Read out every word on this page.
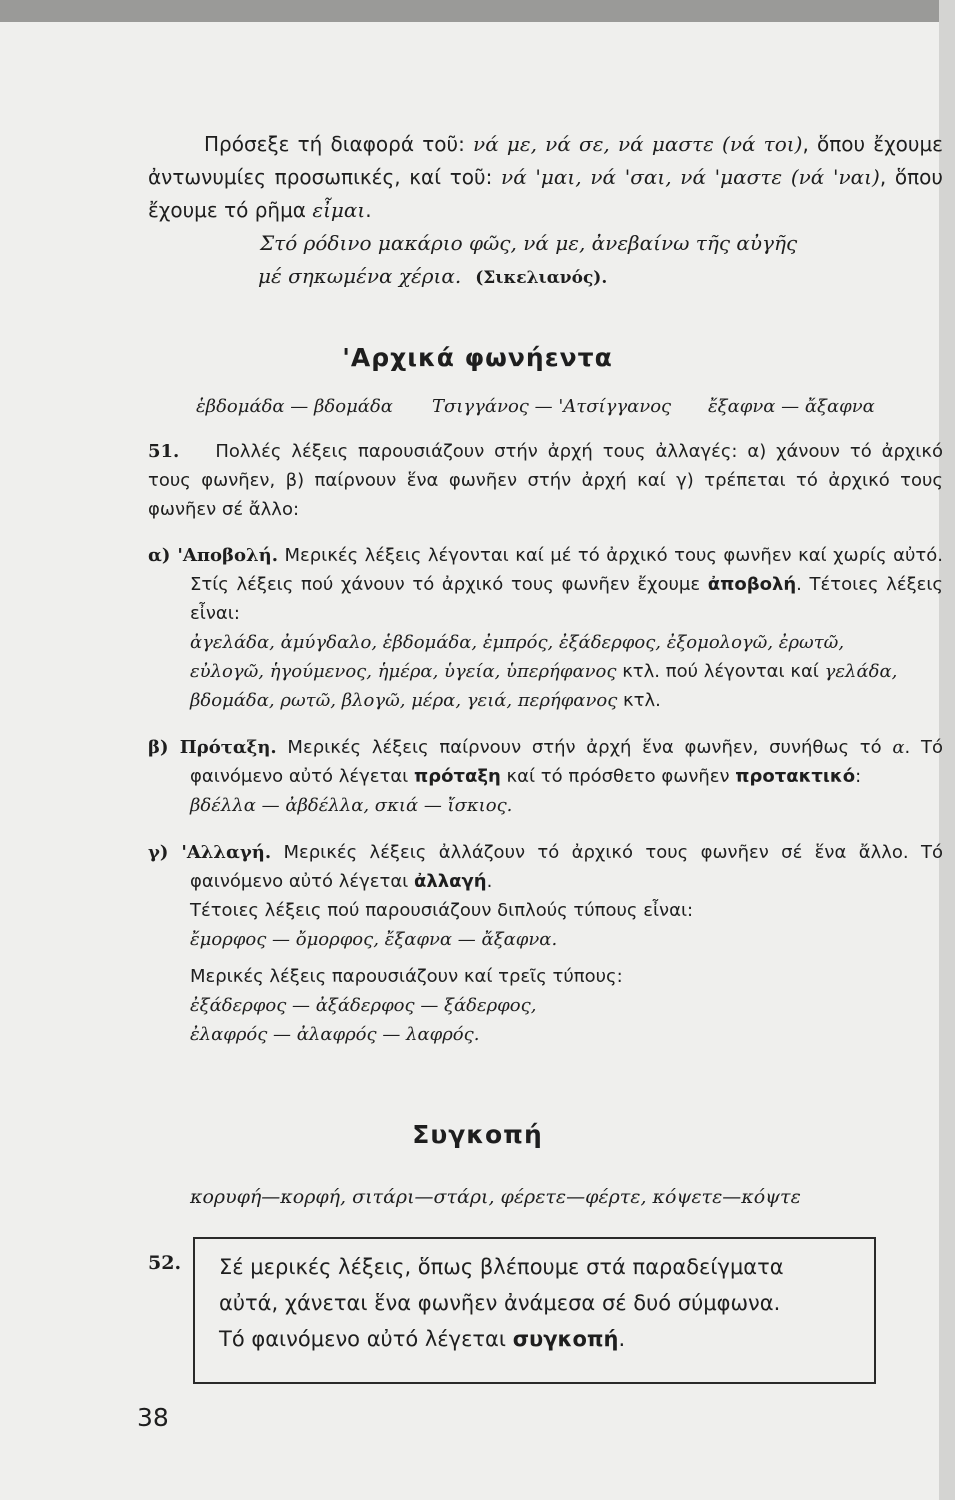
Πρόσεξε τή διαφορά τοῦ: νά με, νά σε, νά μαστε (νά τοι), ὅπου ἔχουμε ἀντωνυμίες προσωπικές, καί τοῦ: νά 'μαι, νά 'σαι, νά 'μαστε (νά 'ναι), ὅπου ἔχουμε τό ρῆμα εἶμαι.

Στό ρόδινο μακάριο φῶς, νά με, ἀνεβαίνω τῆς αὐγῆς

μέ σηκωμένα χέρια. (Σικελιανός).

'Αρχικά φωνήεντα
ἑβδομάδα — βδομάδα Τσιγγάνος — 'Ατσίγγανος ἔξαφνα — ἄξαφνα

51. Πολλές λέξεις παρουσιάζουν στήν ἀρχή τους ἀλλαγές: α) χάνουν τό ἀρχικό τους φωνῆεν, β) παίρνουν ἕνα φωνῆεν στήν ἀρχή καί γ) τρέπεται τό ἀρχικό τους φωνῆεν σέ ἄλλο:

α) 'Αποβολή. Μερικές λέξεις λέγονται καί μέ τό ἀρχικό τους φωνῆεν καί χωρίς αὐτό. Στίς λέξεις πού χάνουν τό ἀρχικό τους φωνῆεν ἔχουμε ἀποβολή. Τέτοιες λέξεις εἶναι:

ἀγελάδα, ἀμύγδαλο, ἑβδομάδα, ἐμπρός, ἐξάδερφος, ἐξομολογῶ, ἐρωτῶ,

εὐλογῶ, ἡγούμενος, ἡμέρα, ὑγεία, ὑπερήφανος κτλ. πού λέγονται καί γελάδα,

βδομάδα, ρωτῶ, βλογῶ, μέρα, γειά, περήφανος κτλ.

β) Πρόταξη. Μερικές λέξεις παίρνουν στήν ἀρχή ἕνα φωνῆεν, συνήθως τό α. Τό φαινόμενο αὐτό λέγεται πρόταξη καί τό πρόσθετο φωνῆεν προτακτικό:

βδέλλα — ἀβδέλλα, σκιά — ἴσκιος.

γ) 'Αλλαγή. Μερικές λέξεις ἀλλάζουν τό ἀρχικό τους φωνῆεν σέ ἕνα ἄλλο. Τό φαινόμενο αὐτό λέγεται ἀλλαγή.

Τέτοιες λέξεις πού παρουσιάζουν διπλούς τύπους εἶναι:

ἔμορφος — ὄμορφος, ἔξαφνα — ἄξαφνα.

Μερικές λέξεις παρουσιάζουν καί τρεῖς τύπους:

ἐξάδερφος — ἀξάδερφος — ξάδερφος,

ἐλαφρός — ἀλαφρός — λαφρός.

Συγκοπή
κορυφή—κορφή, σιτάρι—στάρι, φέρετε—φέρτε, κόψετε—κόψτε
52. Σέ μερικές λέξεις, ὅπως βλέπουμε στά παραδείγματα

αὐτά, χάνεται ἕνα φωνῆεν ἀνάμεσα σέ δυό σύμφωνα.

Τό φαινόμενο αὐτό λέγεται συγκοπή.

38
